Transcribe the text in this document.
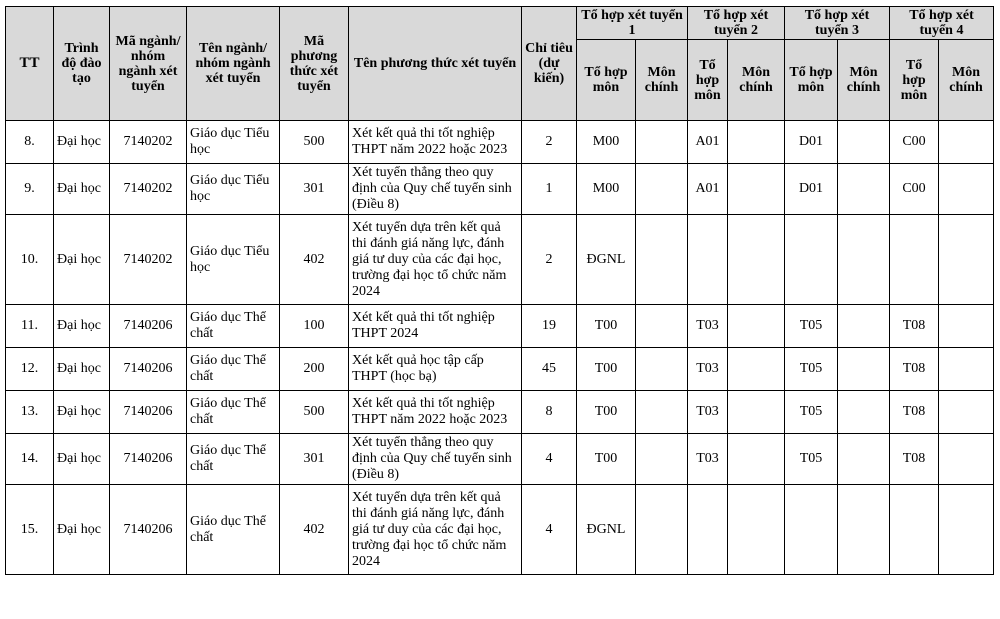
TT	Trình độ đào tạo	Mã ngành/ nhóm ngành xét tuyển	Tên ngành/ nhóm ngành xét tuyển	Mã phương thức xét tuyển	Tên phương thức xét tuyển	Chỉ tiêu (dự kiến)	Tổ hợp xét tuyển 1		Tổ hợp xét tuyển 2		Tổ hợp xét tuyển 3		Tổ hợp xét tuyển 4	
							Tổ hợp môn	Môn chính	Tổ hợp môn	Môn chính	Tổ hợp môn	Môn chính	Tổ hợp môn	Môn chính
8.	Đại học	7140202	Giáo dục Tiểu học	500	Xét kết quả thi tốt nghiệp THPT năm 2022 hoặc 2023	2	M00		A01		D01		C00	
9.	Đại học	7140202	Giáo dục Tiểu học	301	Xét tuyển thẳng theo quy định của Quy chế tuyển sinh (Điều 8)	1	M00		A01		D01		C00	
10.	Đại học	7140202	Giáo dục Tiểu học	402	Xét tuyển dựa trên kết quả thi đánh giá năng lực, đánh giá tư duy của các đại học, trường đại học tổ chức năm 2024	2	ĐGNL							
11.	Đại học	7140206	Giáo dục Thể chất	100	Xét kết quả thi tốt nghiệp THPT 2024	19	T00		T03		T05		T08	
12.	Đại học	7140206	Giáo dục Thể chất	200	Xét kết quả học tập cấp THPT (học bạ)	45	T00		T03		T05		T08	
13.	Đại học	7140206	Giáo dục Thể chất	500	Xét kết quả thi tốt nghiệp THPT năm 2022 hoặc 2023	8	T00		T03		T05		T08	
14.	Đại học	7140206	Giáo dục Thể chất	301	Xét tuyển thẳng theo quy định của Quy chế tuyển sinh (Điều 8)	4	T00		T03		T05		T08	
15.	Đại học	7140206	Giáo dục Thể chất	402	Xét tuyển dựa trên kết quả thi đánh giá năng lực, đánh giá tư duy của các đại học, trường đại học tổ chức năm 2024	4	ĐGNL							
